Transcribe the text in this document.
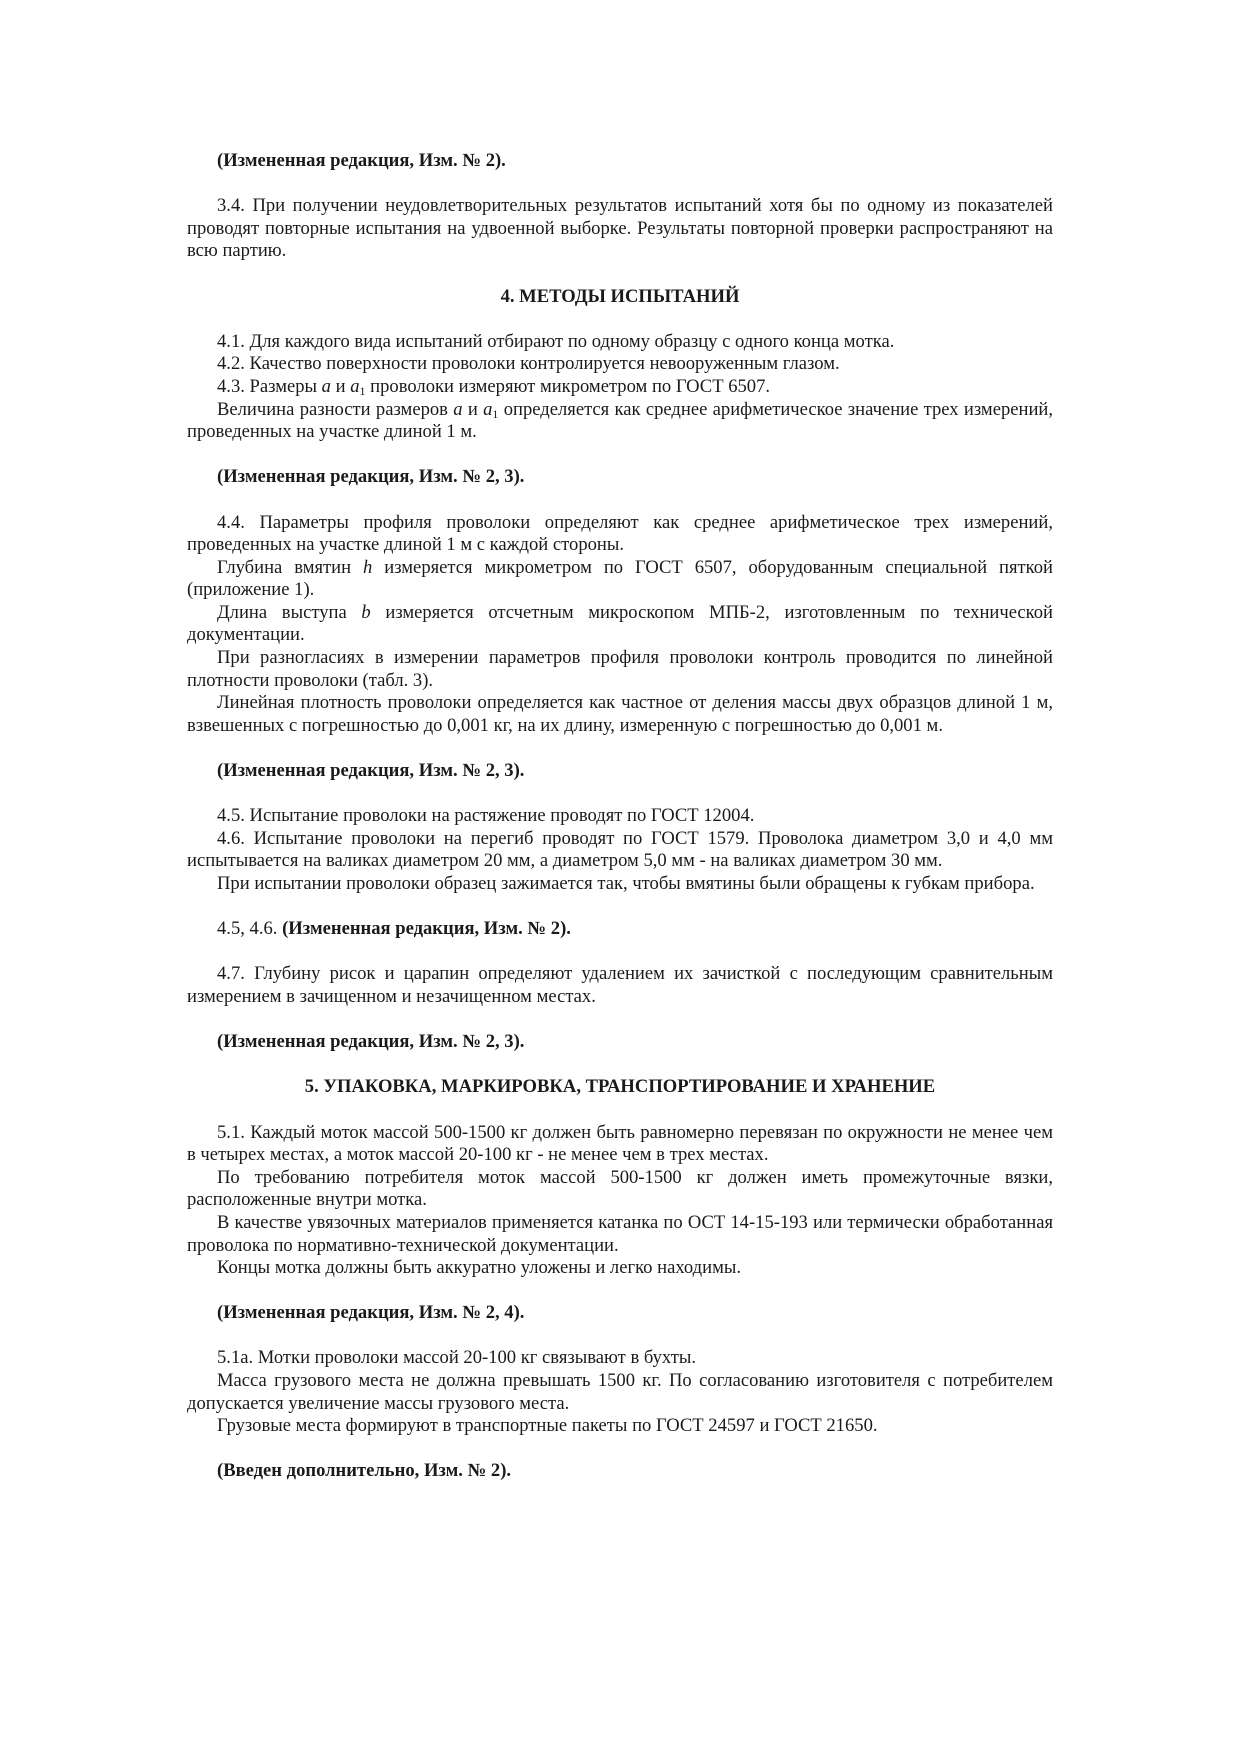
(Измененная редакция, Изм. № 2).

3.4. При получении неудовлетворительных результатов испытаний хотя бы по одному из показателей проводят повторные испытания на удвоенной выборке. Результаты повторной проверки распространяют на всю партию.

4. МЕТОДЫ ИСПЫТАНИЙ

4.1. Для каждого вида испытаний отбирают по одному образцу с одного конца мотка.

4.2. Качество поверхности проволоки контролируется невооруженным глазом.

4.3. Размеры a и $a_1$ проволоки измеряют микрометром по ГОСТ 6507.

Величина разности размеров a и $a_1$ определяется как среднее арифметическое значение трех измерений, проведенных на участке длиной 1 м.

(Измененная редакция, Изм. № 2, 3).

4.4. Параметры профиля проволоки определяют как среднее арифметическое трех измерений, проведенных на участке длиной 1 м с каждой стороны.

Глубина вмятин h измеряется микрометром по ГОСТ 6507, оборудованным специальной пяткой (приложение 1).

Длина выступа b измеряется отсчетным микроскопом МПБ-2, изготовленным по технической документации.

При разногласиях в измерении параметров профиля проволоки контроль проводится по линейной плотности проволоки (табл. 3).

Линейная плотность проволоки определяется как частное от деления массы двух образцов длиной 1 м, взвешенных с погрешностью до 0,001 кг, на их длину, измеренную с погрешностью до 0,001 м.

(Измененная редакция, Изм. № 2, 3).

4.5. Испытание проволоки на растяжение проводят по ГОСТ 12004.

4.6. Испытание проволоки на перегиб проводят по ГОСТ 1579. Проволока диаметром 3,0 и 4,0 мм испытывается на валиках диаметром 20 мм, а диаметром 5,0 мм - на валиках диаметром 30 мм.

При испытании проволоки образец зажимается так, чтобы вмятины были обращены к губкам прибора.

4.5, 4.6. (Измененная редакция, Изм. № 2).

4.7. Глубину рисок и царапин определяют удалением их зачисткой с последующим сравнительным измерением в зачищенном и незачищенном местах.

(Измененная редакция, Изм. № 2, 3).

5. УПАКОВКА, МАРКИРОВКА, ТРАНСПОРТИРОВАНИЕ И ХРАНЕНИЕ

5.1. Каждый моток массой 500-1500 кг должен быть равномерно перевязан по окружности не менее чем в четырех местах, а моток массой 20-100 кг - не менее чем в трех местах.

По требованию потребителя моток массой 500-1500 кг должен иметь промежуточные вязки, расположенные внутри мотка.

В качестве увязочных материалов применяется катанка по ОСТ 14-15-193 или термически обработанная проволока по нормативно-технической документации.

Концы мотка должны быть аккуратно уложены и легко находимы.

(Измененная редакция, Изм. № 2, 4).

5.1а. Мотки проволоки массой 20-100 кг связывают в бухты.

Масса грузового места не должна превышать 1500 кг. По согласованию изготовителя с потребителем допускается увеличение массы грузового места.

Грузовые места формируют в транспортные пакеты по ГОСТ 24597 и ГОСТ 21650.

(Введен дополнительно, Изм. № 2).
